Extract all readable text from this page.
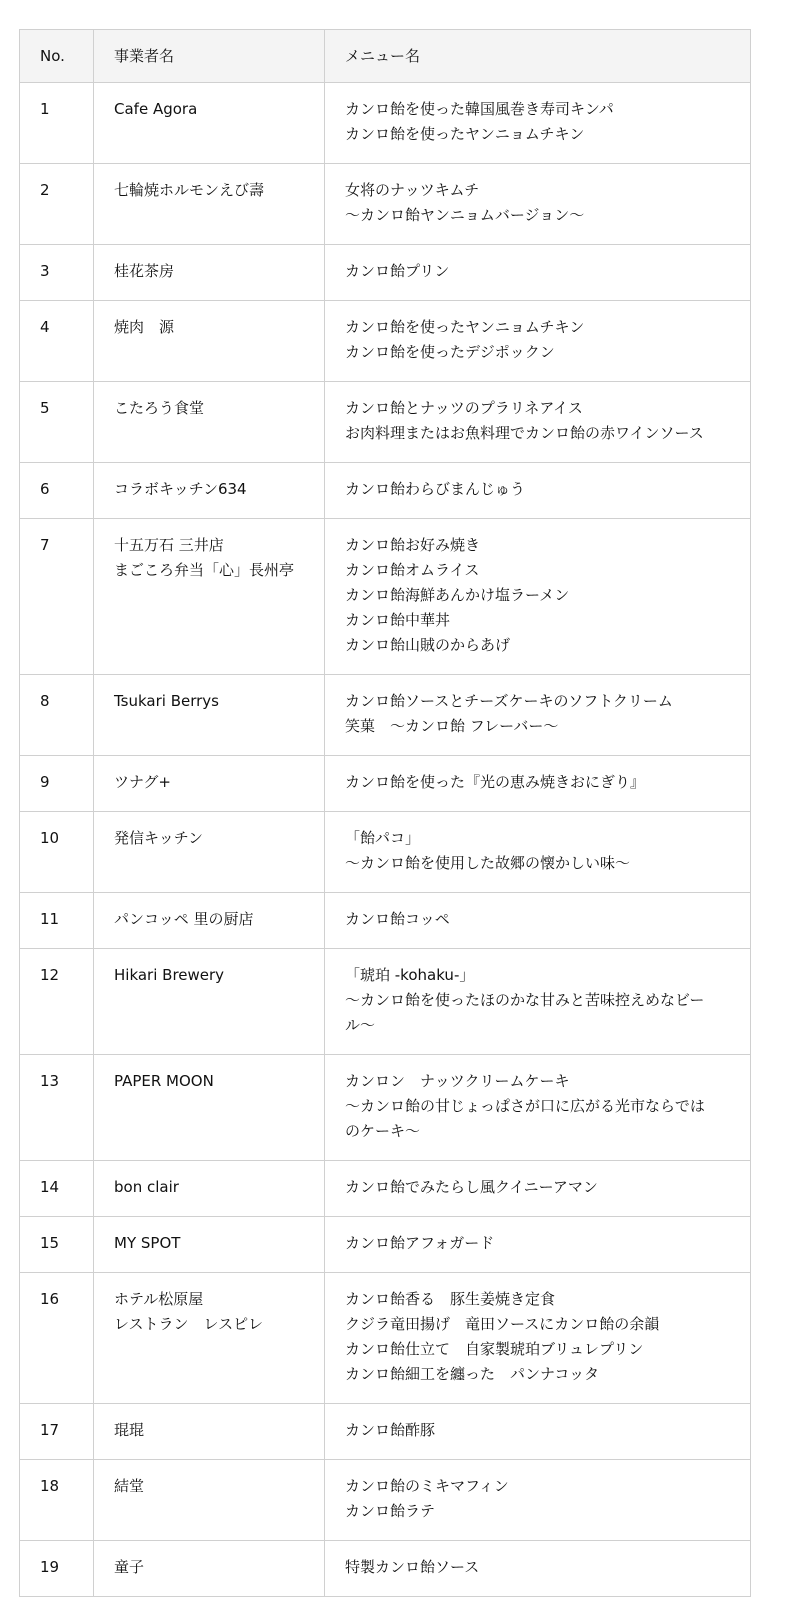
No.	事業者名	メニュー名
1	Cafe Agora	カンロ飴を使った韓国風巻き寿司キンパ
カンロ飴を使ったヤンニョムチキン

2	七輪焼ホルモンえび壽	女将のナッツキムチ
〜カンロ飴ヤンニョムバージョン〜

3	桂花茶房	カンロ飴プリン

4	焼肉　源	カンロ飴を使ったヤンニョムチキン
カンロ飴を使ったデジポックン

5	こたろう食堂	カンロ飴とナッツのプラリネアイス
お肉料理またはお魚料理でカンロ飴の赤ワインソース

6	コラボキッチン634	カンロ飴わらびまんじゅう

7	十五万石 三井店
まごころ弁当「心」長州亭	カンロ飴お好み焼き
カンロ飴オムライス
カンロ飴海鮮あんかけ塩ラーメン
カンロ飴中華丼
カンロ飴山賊のからあげ

8	Tsukari Berrys	カンロ飴ソースとチーズケーキのソフトクリーム
笑菓　〜カンロ飴 フレーバー〜

9	ツナグ+	カンロ飴を使った『光の恵み焼きおにぎり』

10	発信キッチン	「飴パコ」
〜カンロ飴を使用した故郷の懐かしい味〜

11	パンコッペ 里の厨店	カンロ飴コッペ

12	Hikari Brewery	「琥珀 -kohaku-」
〜カンロ飴を使ったほのかな甘みと苦味控えめなビー
ル〜

13	PAPER MOON	カンロン　ナッツクリームケーキ
〜カンロ飴の甘じょっぱさが口に広がる光市ならでは
のケーキ〜

14	bon clair	カンロ飴でみたらし風クイニーアマン

15	MY SPOT	カンロ飴アフォガード

16	ホテル松原屋
レストラン　レスピレ	カンロ飴香る　豚生姜焼き定食
クジラ竜田揚げ　竜田ソースにカンロ飴の余韻
カンロ飴仕立て　自家製琥珀ブリュレプリン
カンロ飴細工を纏った　パンナコッタ

17	琨琨	カンロ飴酢豚

18	結堂	カンロ飴のミキマフィン
カンロ飴ラテ

19	童子	特製カンロ飴ソース
